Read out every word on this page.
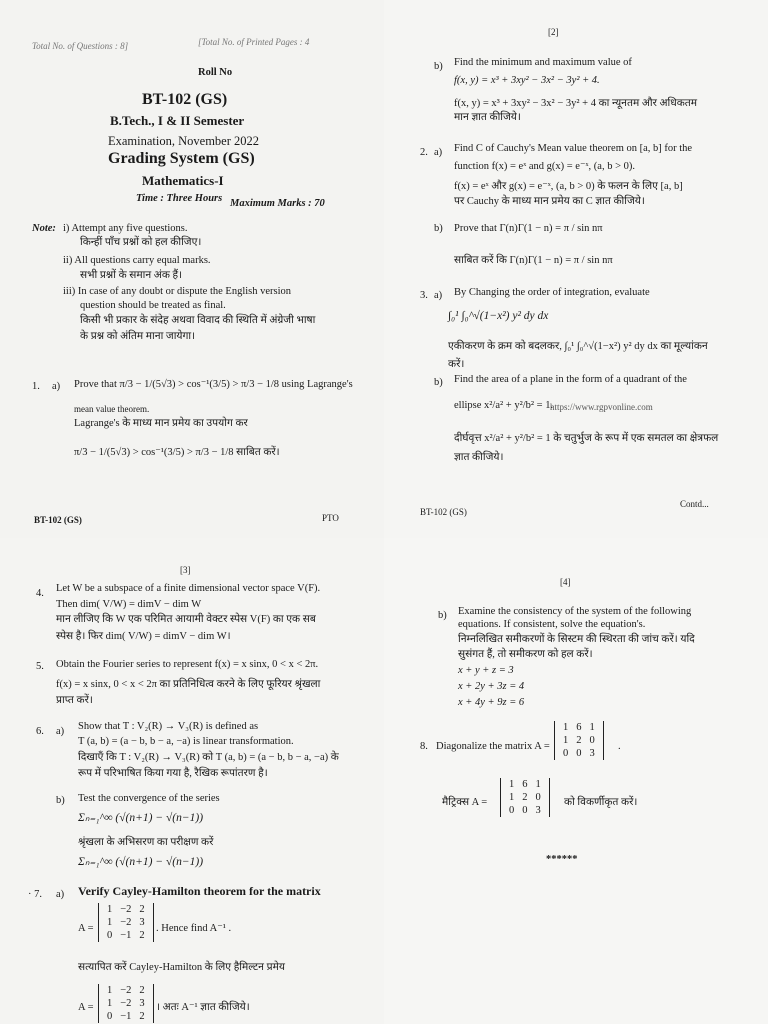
Total No. of Questions : 8]	[Total No. of Printed Pages : 4
Roll No
BT-102 (GS)
B.Tech., I & II Semester
Examination, November 2022
Grading System (GS)
Mathematics-I
Time : Three Hours Maximum Marks : 70
Note: i) Attempt any five questions.
किन्हीं पाँच प्रश्नों को हल कीजिए।
ii) All questions carry equal marks.
सभी प्रश्नों के समान अंक हैं।
iii) In case of any doubt or dispute the English version
question should be treated as final.
किसी भी प्रकार के संदेह अथवा विवाद की स्थिति में अंग्रेजी भाषा
के प्रश्न को अंतिम माना जायेगा।
1. a) Prove that π/3 − 1/(5√3) > cos⁻¹(3/5) > π/3 − 1/8 using Lagrange's
mean value theorem.
Lagrange's के माध्य मान प्रमेय का उपयोग कर
π/3 − 1/(5√3) > cos⁻¹(3/5) > π/3 − 1/8 साबित करें।
BT-102 (GS)	PTO
[2]
b) Find the minimum and maximum value of
f(x, y) = x³ + 3xy² − 3x² − 3y² + 4.
f(x, y) = x³ + 3xy² − 3x² − 3y² + 4 का न्यूनतम और अधिकतम
मान ज्ञात कीजिये।
2. a) Find C of Cauchy's Mean value theorem on [a, b] for the
function f(x) = eˣ and g(x) = e⁻ˣ, (a, b > 0).
f(x) = eˣ और g(x) = e⁻ˣ, (a, b > 0) के फलन के लिए [a, b]
पर Cauchy के माध्य मान प्रमेय का C ज्ञात कीजिये।
b) Prove that Γ(n)Γ(1 − n) = π / sin nπ
साबित करें कि Γ(n)Γ(1 − n) = π / sin nπ
3. a) By Changing the order of integration, evaluate
∫₀¹ ∫₀^√(1−x²) y² dy dx
एकीकरण के क्रम को बदलकर, ∫₀¹ ∫₀^√(1−x²) y² dy dx का मूल्यांकन
करें।
b) Find the area of a plane in the form of a quadrant of the
ellipse x²/a² + y²/b² = 1.
https://www.rgpvonline.com
दीर्घवृत्त x²/a² + y²/b² = 1 के चतुर्भुज के रूप में एक समतल का क्षेत्रफल
ज्ञात कीजिये।
Contd...
BT-102 (GS)
[3]
4. Let W be a subspace of a finite dimensional vector space V(F).
Then dim( V/W) = dimV − dim W
मान लीजिए कि W एक परिमित आयामी वेक्टर स्पेस V(F) का एक सब
स्पेस है। फिर dim( V/W) = dimV − dim W।
5. Obtain the Fourier series to represent f(x) = x sinx, 0 < x < 2π.
f(x) = x sinx, 0 < x < 2π का प्रतिनिधित्व करने के लिए फूरियर श्रृंखला
प्राप्त करें।
6. a) Show that T : V₂(R) → V₃(R) is defined as
T (a, b) = (a − b, b − a, −a) is linear transformation.
दिखाएँ कि T : V₂(R) → V₃(R) को T (a, b) = (a − b, b − a, −a) के
रूप में परिभाषित किया गया है, रैखिक रूपांतरण है।
b) Test the convergence of the series
Σₙ₌₁^∞ (√(n+1) − √(n−1))
श्रृंखला के अभिसरण का परीक्षण करें
Σₙ₌₁^∞ (√(n+1) − √(n−1))
· 7. a) Verify Cayley-Hamilton theorem for the matrix
A =
1	−2	2
1	−2	3
0	−1	2
. Hence find A⁻¹ .
सत्यापित करें Cayley-Hamilton के लिए हैमिल्टन प्रमेय
A =
1	−2	2
1	−2	3
0	−1	2
। अतः A⁻¹ ज्ञात कीजिये।
[4]
b) Examine the consistency of the system of the following
equations. If consistent, solve the equation's.
निम्नलिखित समीकरणों के सिस्टम की स्थिरता की जांच करें। यदि
सुसंगत हैं, तो समीकरण को हल करें।
x + y + z = 3
x + 2y + 3z = 4
x + 4y + 9z = 6
8. Diagonalize the matrix A =
1	6	1
1	2	0
0	0	3
.
मैट्रिक्स A =
1	6	1
1	2	0
0	0	3
को विकर्णीकृत करें।
******
